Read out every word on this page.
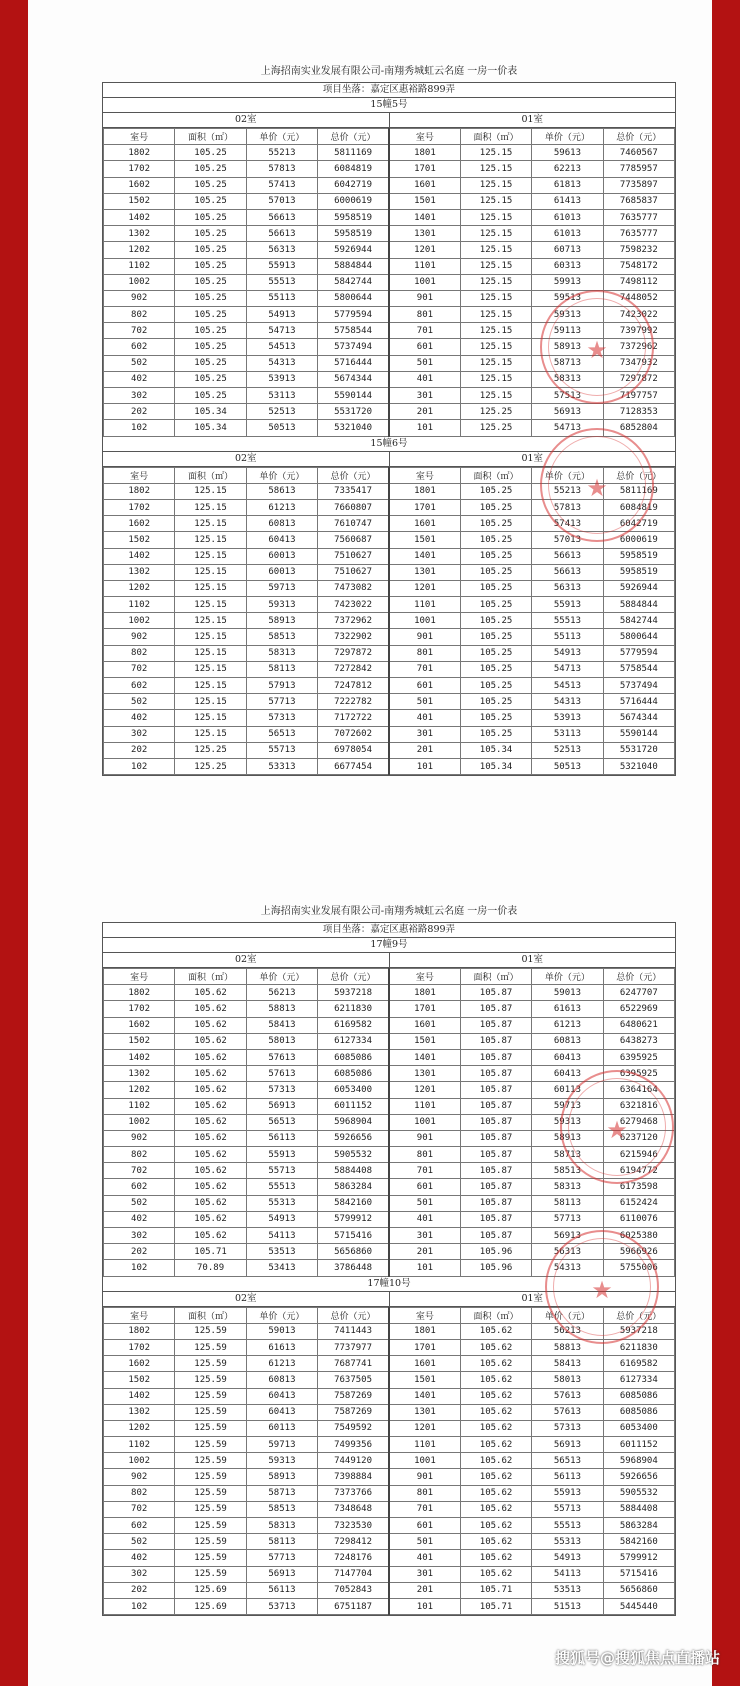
上海招南实业发展有限公司-南翔秀城虹云名庭 一房一价表
项目坐落：嘉定区惠裕路899弄
15幢5号
02室	01室
室号	面积（㎡）	单价（元）	总价（元）	室号	面积（㎡）	单价（元）	总价（元）
1802	105.25	55213	5811169	1801	125.15	59613	7460567
1702	105.25	57813	6084819	1701	125.15	62213	7785957
1602	105.25	57413	6042719	1601	125.15	61813	7735897
1502	105.25	57013	6000619	1501	125.15	61413	7685837
1402	105.25	56613	5958519	1401	125.15	61013	7635777
1302	105.25	56613	5958519	1301	125.15	61013	7635777
1202	105.25	56313	5926944	1201	125.15	60713	7598232
1102	105.25	55913	5884844	1101	125.15	60313	7548172
1002	105.25	55513	5842744	1001	125.15	59913	7498112
902	105.25	55113	5800644	901	125.15	59513	7448052
802	105.25	54913	5779594	801	125.15	59313	7423022
702	105.25	54713	5758544	701	125.15	59113	7397992
602	105.25	54513	5737494	601	125.15	58913	7372962
502	105.25	54313	5716444	501	125.15	58713	7347932
402	105.25	53913	5674344	401	125.15	58313	7297872
302	105.25	53113	5590144	301	125.15	57513	7197757
202	105.34	52513	5531720	201	125.25	56913	7128353
102	105.34	50513	5321040	101	125.25	54713	6852804
15幢6号
02室	01室
室号	面积（㎡）	单价（元）	总价（元）	室号	面积（㎡）	单价（元）	总价（元）
1802	125.15	58613	7335417	1801	105.25	55213	5811169
1702	125.15	61213	7660807	1701	105.25	57813	6084819
1602	125.15	60813	7610747	1601	105.25	57413	6042719
1502	125.15	60413	7560687	1501	105.25	57013	6000619
1402	125.15	60013	7510627	1401	105.25	56613	5958519
1302	125.15	60013	7510627	1301	105.25	56613	5958519
1202	125.15	59713	7473082	1201	105.25	56313	5926944
1102	125.15	59313	7423022	1101	105.25	55913	5884844
1002	125.15	58913	7372962	1001	105.25	55513	5842744
902	125.15	58513	7322902	901	105.25	55113	5800644
802	125.15	58313	7297872	801	105.25	54913	5779594
702	125.15	58113	7272842	701	105.25	54713	5758544
602	125.15	57913	7247812	601	105.25	54513	5737494
502	125.15	57713	7222782	501	105.25	54313	5716444
402	125.15	57313	7172722	401	105.25	53913	5674344
302	125.15	56513	7072602	301	105.25	53113	5590144
202	125.25	55713	6978054	201	105.34	52513	5531720
102	125.25	53313	6677454	101	105.34	50513	5321040
上海招南实业发展有限公司-南翔秀城虹云名庭 一房一价表
项目坐落：嘉定区惠裕路899弄
17幢9号
02室	01室
室号	面积（㎡）	单价（元）	总价（元）	室号	面积（㎡）	单价（元）	总价（元）
1802	105.62	56213	5937218	1801	105.87	59013	6247707
1702	105.62	58813	6211830	1701	105.87	61613	6522969
1602	105.62	58413	6169582	1601	105.87	61213	6480621
1502	105.62	58013	6127334	1501	105.87	60813	6438273
1402	105.62	57613	6085086	1401	105.87	60413	6395925
1302	105.62	57613	6085086	1301	105.87	60413	6395925
1202	105.62	57313	6053400	1201	105.87	60113	6364164
1102	105.62	56913	6011152	1101	105.87	59713	6321816
1002	105.62	56513	5968904	1001	105.87	59313	6279468
902	105.62	56113	5926656	901	105.87	58913	6237120
802	105.62	55913	5905532	801	105.87	58713	6215946
702	105.62	55713	5884408	701	105.87	58513	6194772
602	105.62	55513	5863284	601	105.87	58313	6173598
502	105.62	55313	5842160	501	105.87	58113	6152424
402	105.62	54913	5799912	401	105.87	57713	6110076
302	105.62	54113	5715416	301	105.87	56913	6025380
202	105.71	53513	5656860	201	105.96	56313	5966926
102	70.89	53413	3786448	101	105.96	54313	5755006
17幢10号
02室	01室
室号	面积（㎡）	单价（元）	总价（元）	室号	面积（㎡）	单价（元）	总价（元）
1802	125.59	59013	7411443	1801	105.62	56213	5937218
1702	125.59	61613	7737977	1701	105.62	58813	6211830
1602	125.59	61213	7687741	1601	105.62	58413	6169582
1502	125.59	60813	7637505	1501	105.62	58013	6127334
1402	125.59	60413	7587269	1401	105.62	57613	6085086
1302	125.59	60413	7587269	1301	105.62	57613	6085086
1202	125.59	60113	7549592	1201	105.62	57313	6053400
1102	125.59	59713	7499356	1101	105.62	56913	6011152
1002	125.59	59313	7449120	1001	105.62	56513	5968904
902	125.59	58913	7398884	901	105.62	56113	5926656
802	125.59	58713	7373766	801	105.62	55913	5905532
702	125.59	58513	7348648	701	105.62	55713	5884408
602	125.59	58313	7323530	601	105.62	55513	5863284
502	125.59	58113	7298412	501	105.62	55313	5842160
402	125.59	57713	7248176	401	105.62	54913	5799912
302	125.59	56913	7147704	301	105.62	54113	5715416
202	125.69	56113	7052843	201	105.71	53513	5656860
102	125.69	53713	6751187	101	105.71	51513	5445440
★
★
★
★
搜狐号@搜狐焦点直播站
